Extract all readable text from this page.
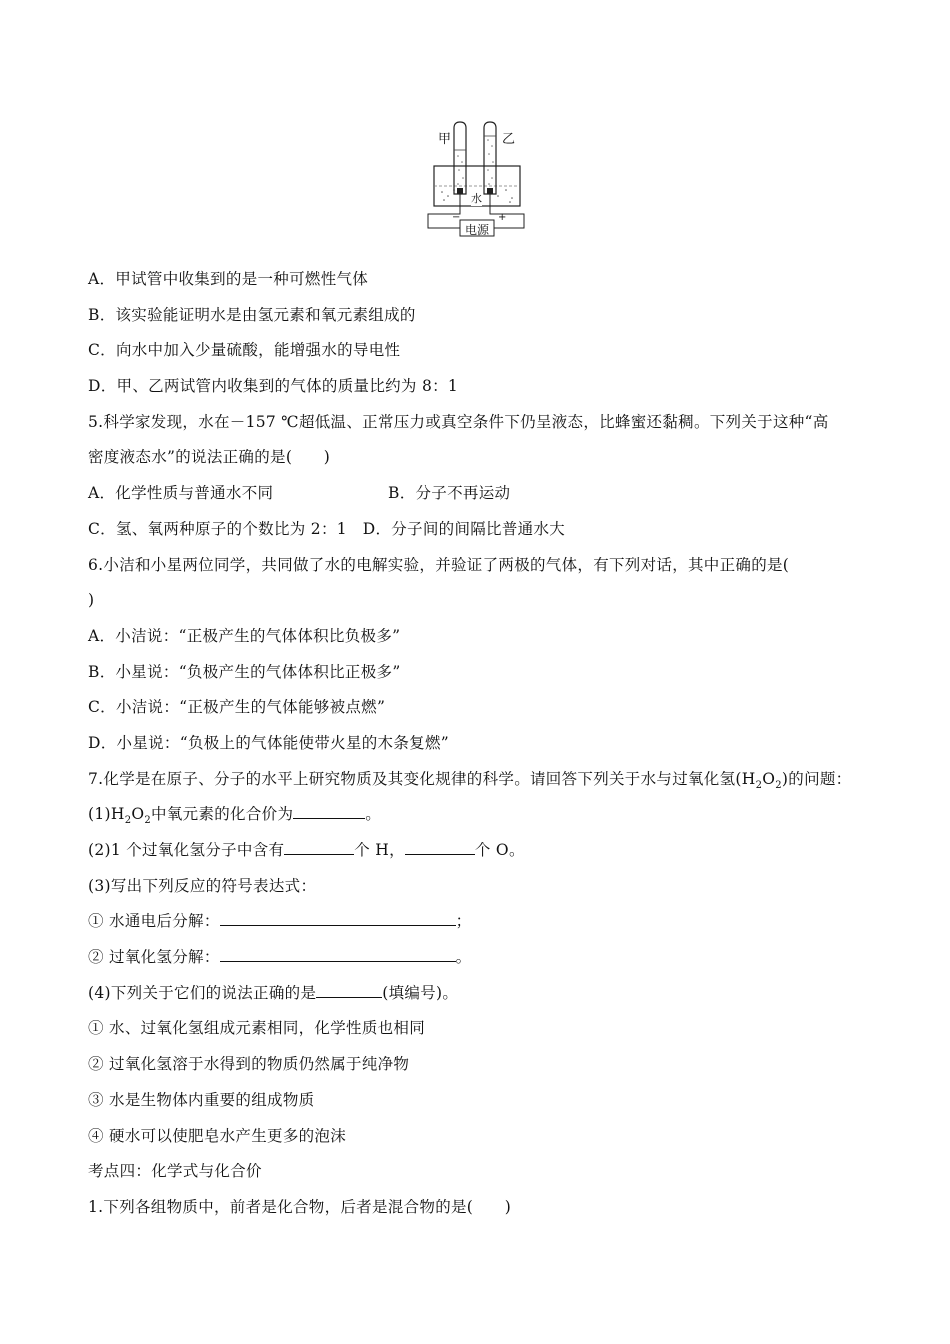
甲	乙
水
电源
−	+
A．甲试管中收集到的是一种可燃性气体
B．该实验能证明水是由氢元素和氧元素组成的
C．向水中加入少量硫酸，能增强水的导电性
D．甲、乙两试管内收集到的气体的质量比约为 8：1
5.科学家发现，水在－157 ℃超低温、正常压力或真空条件下仍呈液态，比蜂蜜还黏稠。下列关于这种“高
密度液态水”的说法正确的是(　　)
A．化学性质与普通水不同	B．分子不再运动
C．氢、氧两种原子的个数比为 2：1　D．分子间的间隔比普通水大
6.小洁和小星两位同学，共同做了水的电解实验，并验证了两极的气体，有下列对话，其中正确的是(
)
A．小洁说：“正极产生的气体体积比负极多”
B．小星说：“负极产生的气体体积比正极多”
C．小洁说：“正极产生的气体能够被点燃”
D．小星说：“负极上的气体能使带火星的木条复燃”
7.化学是在原子、分子的水平上研究物质及其变化规律的科学。请回答下列关于水与过氧化氢$(H_2O_2)$的问题：
$(1)H_2O_2$中氧元素的化合价为	。
(2)1 个过氧化氢分子中含有	个 H，	个 O。
(3)写出下列反应的符号表达式：
① 水通电后分解：	；
② 过氧化氢分解：	。
(4)下列关于它们的说法正确的是	(填编号)。
① 水、过氧化氢组成元素相同，化学性质也相同
② 过氧化氢溶于水得到的物质仍然属于纯净物
③ 水是生物体内重要的组成物质
④ 硬水可以使肥皂水产生更多的泡沫
考点四：化学式与化合价
1.下列各组物质中，前者是化合物，后者是混合物的是(　　)
